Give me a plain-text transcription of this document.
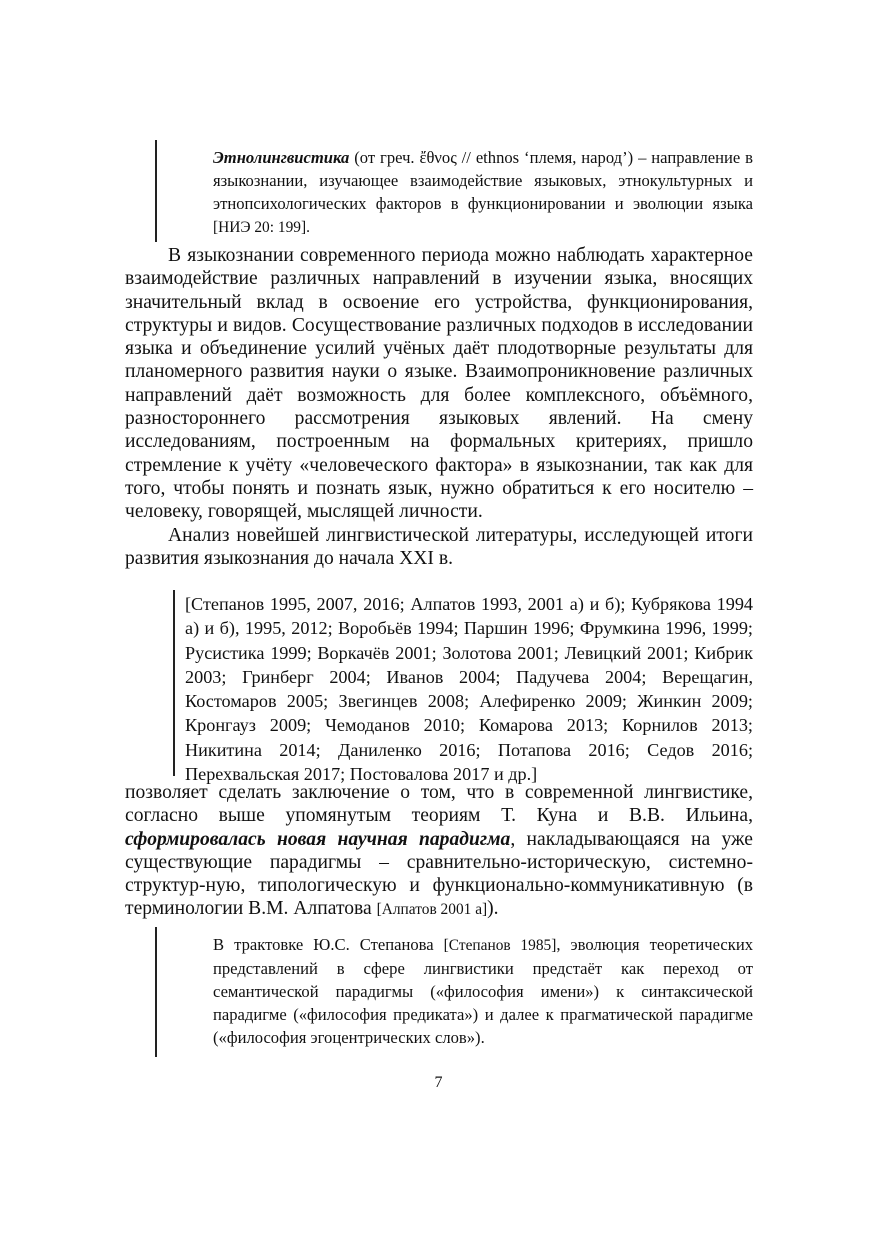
Этнолингвистика (от греч. ἔθνος // ethnos ‘племя, народ’) – направление в языкознании, изучающее взаимодействие языковых, этнокультурных и этнопсихологических факторов в функционировании и эволюции языка [НИЭ 20: 199].

В языкознании современного периода можно наблюдать характерное взаимодействие различных направлений в изучении языка, вносящих значительный вклад в освоение его устройства, функционирования, структуры и видов. Сосуществование различных подходов в исследовании языка и объединение усилий учёных даёт плодотворные результаты для планомерного развития науки о языке. Взаимопроникновение различных направлений даёт возможность для более комплексного, объёмного, разностороннего рассмотрения языковых явлений. На смену исследованиям, построенным на формальных критериях, пришло стремление к учёту «человеческого фактора» в языкознании, так как для того, чтобы понять и познать язык, нужно обратиться к его носителю – человеку, говорящей, мыслящей личности.

Анализ новейшей лингвистической литературы, исследующей итоги развития языкознания до начала XXI в.

[Степанов 1995, 2007, 2016; Алпатов 1993, 2001 а) и б); Кубрякова 1994 а) и б), 1995, 2012; Воробьёв 1994; Паршин 1996; Фрумкина 1996, 1999; Русистика 1999; Воркачёв 2001; Золотова 2001; Левицкий 2001; Кибрик 2003; Гринберг 2004; Иванов 2004; Падучева 2004; Верещагин, Костомаров 2005; Звегинцев 2008; Алефиренко 2009; Жинкин 2009; Кронгауз 2009; Чемоданов 2010; Комарова 2013; Корнилов 2013; Никитина 2014; Даниленко 2016; Потапова 2016; Седов 2016; Перехвальская 2017; Постовалова 2017 и др.]

позволяет сделать заключение о том, что в современной лингвистике, согласно выше упомянутым теориям Т. Куна и В.В. Ильина, сформировалась новая научная парадигма, накладывающаяся на уже существующие парадигмы – сравнительно-историческую, системно-структур-ную, типологическую и функционально-коммуникативную (в терминологии В.М. Алпатова [Алпатов 2001 а]).

В трактовке Ю.С. Степанова [Степанов 1985], эволюция теоретических представлений в сфере лингвистики предстаёт как переход от семантической парадигмы («философия имени») к синтаксической парадигме («философия предиката») и далее к прагматической парадигме («философия эгоцентрических слов»).

7
